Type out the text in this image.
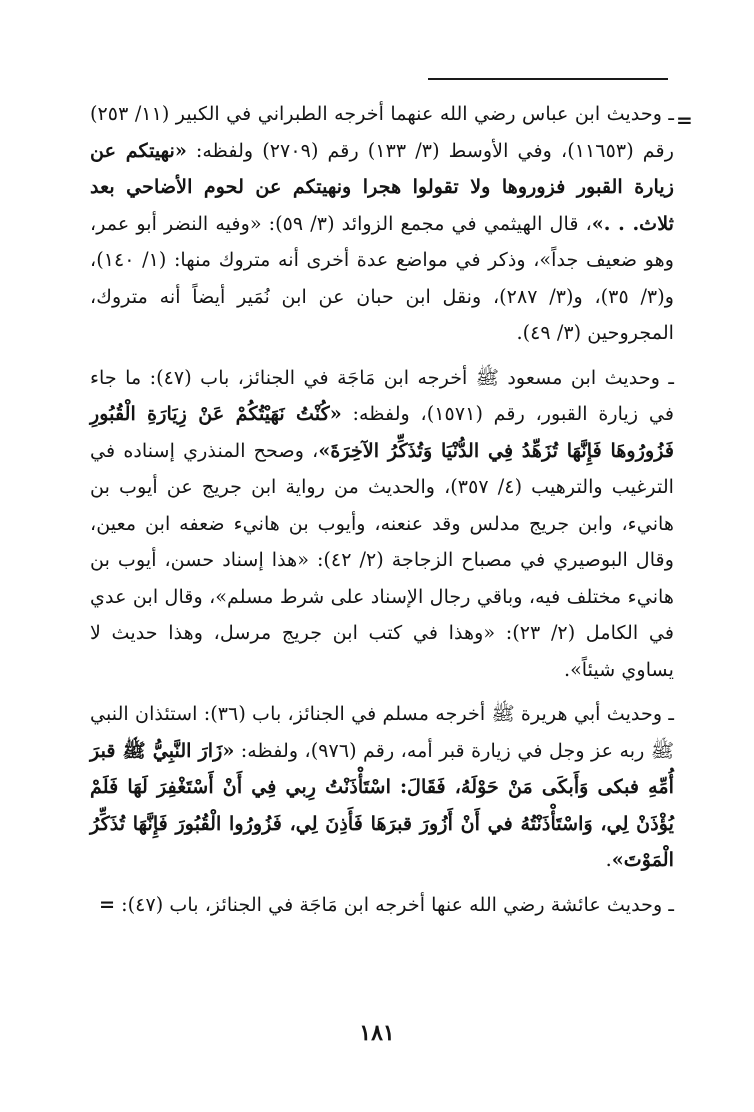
=

ـ وحديث ابن عباس رضي الله عنهما أخرجه الطبراني في الكبير (١١/ ٢٥٣) رقم (١١٦٥٣)، وفي الأوسط (٣/ ١٣٣) رقم (٢٧٠٩) ولفظه: «نهيتكم عن زيارة القبور فزوروها ولا تقولوا هجرا ونهيتكم عن لحوم الأضاحي بعد ثلاث. . .»، قال الهيثمي في مجمع الزوائد (٣/ ٥٩): «وفيه النضر أبو عمر، وهو ضعيف جداً»، وذكر في مواضع عدة أخرى أنه متروك منها: (١/ ١٤٠)، و(٣/ ٣٥)، و(٣/ ٢٨٧)، ونقل ابن حبان عن ابن نُمَير أيضاً أنه متروك، المجروحين (٣/ ٤٩).

ـ وحديث ابن مسعود ﷺ أخرجه ابن مَاجَة في الجنائز، باب (٤٧): ما جاء في زيارة القبور، رقم (١٥٧١)، ولفظه: «كُنْتُ نَهَيْتُكُمْ عَنْ زِيَارَةِ الْقُبُورِ فَزُورُوهَا فَإِنَّهَا تُزَهِّدُ فِي الدُّنْيَا وَتُذَكِّرُ الآخِرَةَ»، وصحح المنذري إسناده في الترغيب والترهيب (٤/ ٣٥٧)، والحديث من رواية ابن جريج عن أيوب بن هانيء، وابن جريج مدلس وقد عنعنه، وأيوب بن هانيء ضعفه ابن معين، وقال البوصيري في مصباح الزجاجة (٢/ ٤٢): «هذا إسناد حسن، أيوب بن هانيء مختلف فيه، وباقي رجال الإسناد على شرط مسلم»، وقال ابن عدي في الكامل (٢/ ٢٣): «وهذا في كتب ابن جريج مرسل، وهذا حديث لا يساوي شيئاً».

ـ وحديث أبي هريرة ﷺ أخرجه مسلم في الجنائز، باب (٣٦): استئذان النبي ﷺ ربه عز وجل في زيارة قبر أمه، رقم (٩٧٦)، ولفظه: «زَارَ النَّبِيُّ ﷺ قبرَ أُمِّهِ فبكى وَأَبكَى مَنْ حَوْلَهُ، فَقَالَ: اسْتَأْذَنْتُ رِبي فِي أَنْ أَسْتَغْفِرَ لَهَا فَلَمْ يُؤْذَنْ لِي، وَاسْتَأْذَنْتُهُ في أَنْ أَزُورَ قبرَهَا فَأَذِنَ لِي، فَزُورُوا الْقُبُورَ فَإِنَّهَا تُذَكِّرُ الْمَوْتَ».

ـ وحديث عائشة رضي الله عنها أخرجه ابن مَاجَة في الجنائز، باب (٤٧): =

١٨١
